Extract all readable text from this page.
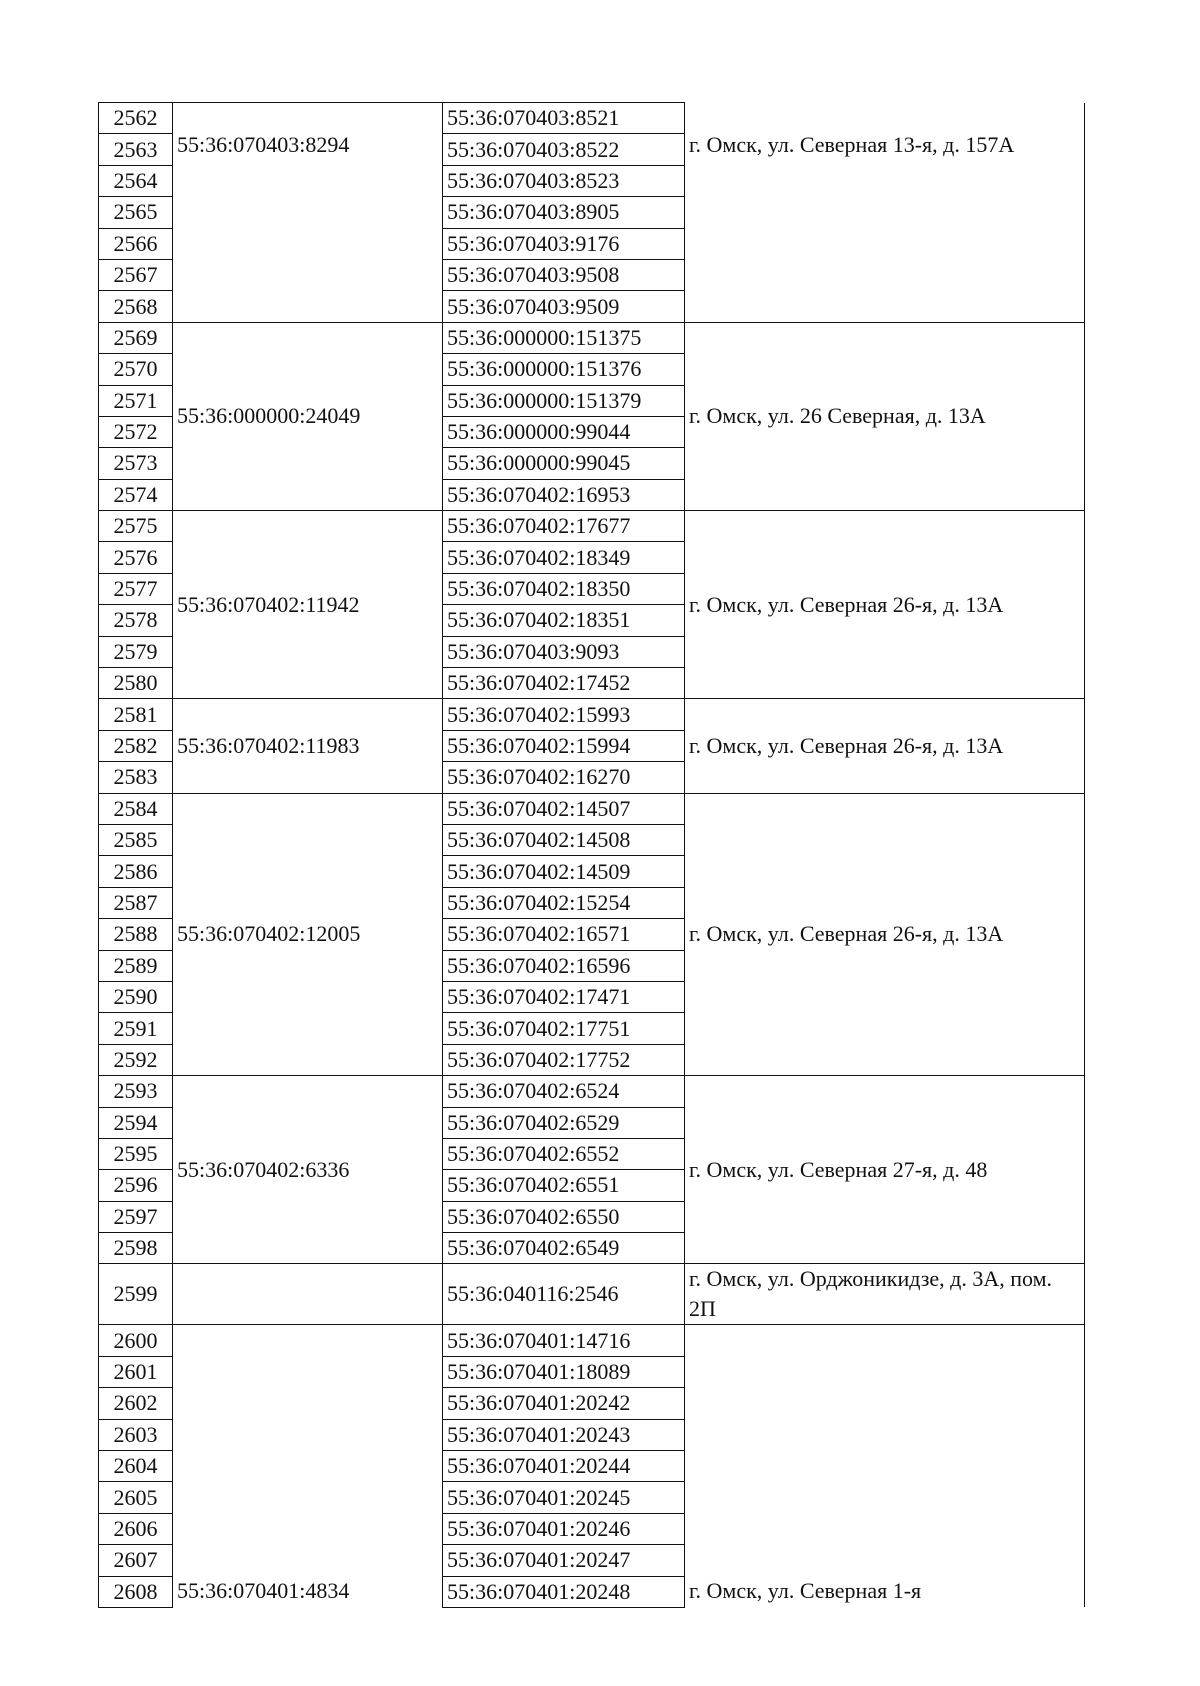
2562	55:36:070403:8294	55:36:070403:8521	г. Омск, ул. Северная 13-я, д. 157А
2563		55:36:070403:8522	
2564		55:36:070403:8523	
2565		55:36:070403:8905	
2566		55:36:070403:9176	
2567		55:36:070403:9508	
2568		55:36:070403:9509	
2569	55:36:000000:24049	55:36:000000:151375	г. Омск, ул. 26 Северная, д. 13А
2570		55:36:000000:151376	
2571		55:36:000000:151379	
2572		55:36:000000:99044	
2573		55:36:000000:99045	
2574		55:36:070402:16953	
2575	55:36:070402:11942	55:36:070402:17677	г. Омск, ул. Северная 26-я, д. 13А
2576		55:36:070402:18349	
2577		55:36:070402:18350	
2578		55:36:070402:18351	
2579		55:36:070403:9093	
2580		55:36:070402:17452	
2581	55:36:070402:11983	55:36:070402:15993	г. Омск, ул. Северная 26-я, д. 13А
2582		55:36:070402:15994	
2583		55:36:070402:16270	
2584	55:36:070402:12005	55:36:070402:14507	г. Омск, ул. Северная 26-я, д. 13А
2585		55:36:070402:14508	
2586		55:36:070402:14509	
2587		55:36:070402:15254	
2588		55:36:070402:16571	
2589		55:36:070402:16596	
2590		55:36:070402:17471	
2591		55:36:070402:17751	
2592		55:36:070402:17752	
2593	55:36:070402:6336	55:36:070402:6524	г. Омск, ул. Северная 27-я, д. 48
2594		55:36:070402:6529	
2595		55:36:070402:6552	
2596		55:36:070402:6551	
2597		55:36:070402:6550	
2598		55:36:070402:6549	
2599		55:36:040116:2546	г. Омск, ул. Орджоникидзе, д. 3А, пом. 2П
2600	55:36:070401:4834	55:36:070401:14716	г. Омск, ул. Северная 1-я
2601		55:36:070401:18089	
2602		55:36:070401:20242	
2603		55:36:070401:20243	
2604		55:36:070401:20244	
2605		55:36:070401:20245	
2606		55:36:070401:20246	
2607		55:36:070401:20247	
2608		55:36:070401:20248	
